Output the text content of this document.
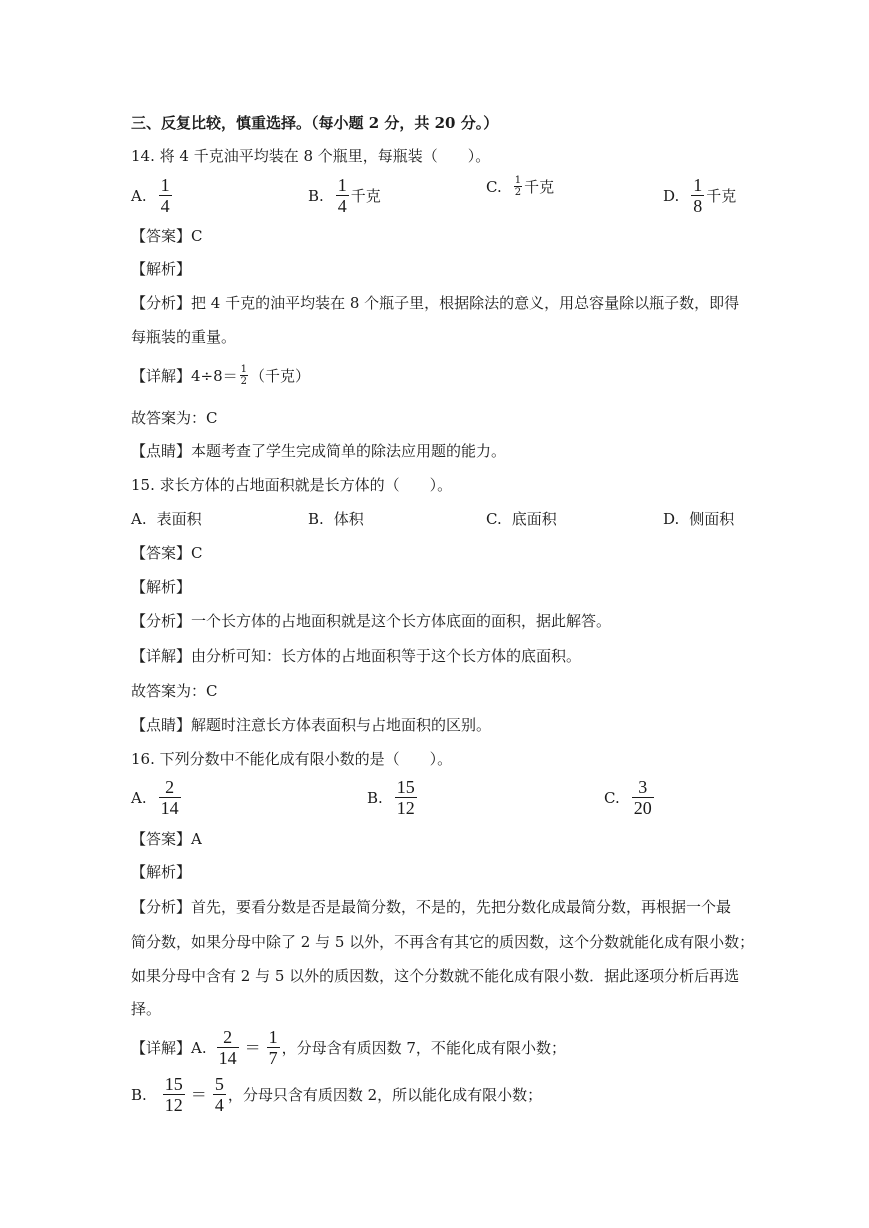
三、反复比较，慎重选择。（每小题 2 分，共 20 分。）
14. 将 4 千克油平均装在 8 个瓶里，每瓶装（　　）。
A. $\frac{1}{4}$	B. $\frac{1}{4}$ 千克	C. $\frac{1}{2}$ 千克	D. $\frac{1}{8}$ 千克
【答案】C
【解析】
【分析】把 4 千克的油平均装在 8 个瓶子里，根据除法的意义，用总容量除以瓶子数，即得
每瓶装的重量。
【详解】$4\div 8= \frac{1}{2}$ （千克）
故答案为：C
【点睛】本题考查了学生完成简单的除法应用题的能力。
15. 求长方体的占地面积就是长方体的（　　）。
A. 表面积	B. 体积	C. 底面积	D. 侧面积
【答案】C
【解析】
【分析】一个长方体的占地面积就是这个长方体底面的面积，据此解答。
【详解】由分析可知：长方体的占地面积等于这个长方体的底面积。
故答案为：C
【点睛】解题时注意长方体表面积与占地面积的区别。
16. 下列分数中不能化成有限小数的是（　　）。
A. $\frac{2}{14}$	B. $\frac{15}{12}$	C. $\frac{3}{20}$
【答案】A
【解析】
【分析】首先，要看分数是否是最简分数，不是的，先把分数化成最简分数，再根据一个最
简分数，如果分母中除了 2 与 5 以外，不再含有其它的质因数，这个分数就能化成有限小数；
如果分母中含有 2 与 5 以外的质因数，这个分数就不能化成有限小数．据此逐项分析后再选
择。
【详解】A. $\frac{2}{14} = \frac{1}{7}$ ，分母含有质因数 7，不能化成有限小数；
B. $\frac{15}{12} = \frac{5}{4}$ ，分母只含有质因数 2，所以能化成有限小数；
